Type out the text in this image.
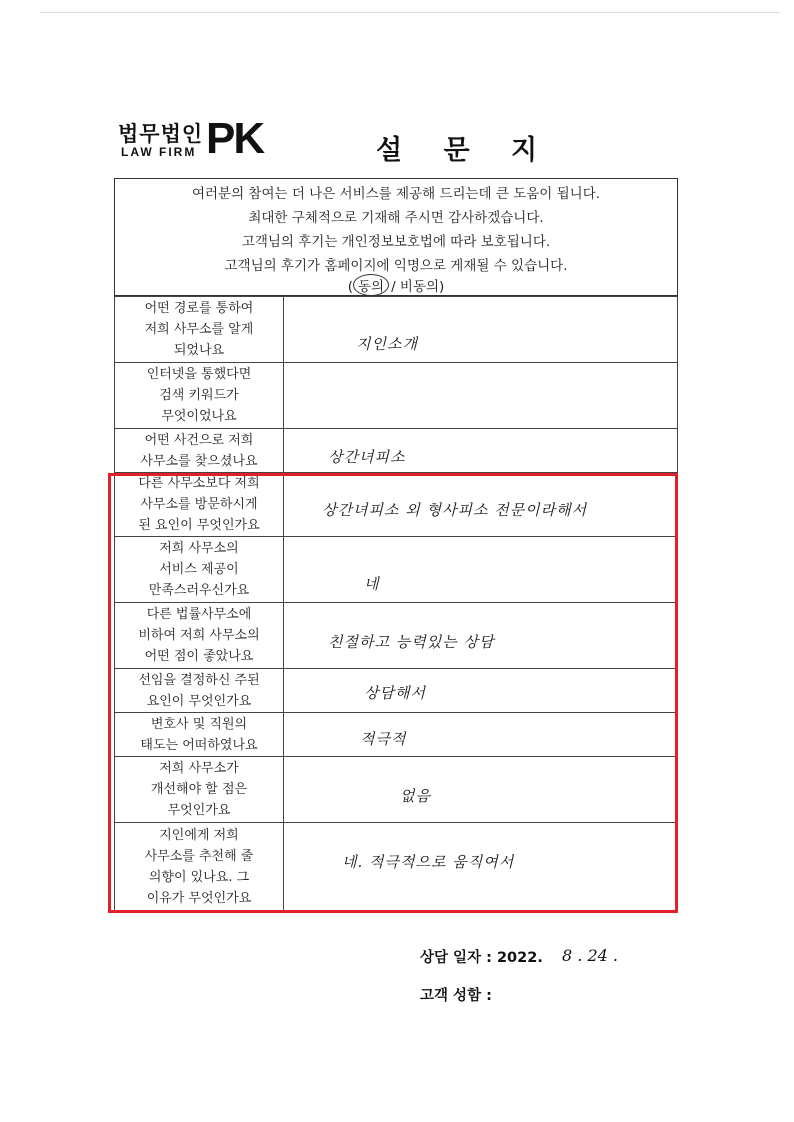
법무법인
LAW FIRM PK	설 문 지
여러분의 참여는 더 나은 서비스를 제공해 드리는데 큰 도움이 됩니다.
최대한 구체적으로 기재해 주시면 감사하겠습니다.
고객님의 후기는 개인정보보호법에 따라 보호됩니다.
고객님의 후기가 홈페이지에 익명으로 게재될 수 있습니다.
( 동의 / 비동의)
어떤 경로를 통하여
저희 사무소를 알게
되었나요	지인소개

인터넷을 통했다면
검색 키워드가
무엇이었나요	

어떤 사건으로 저희
사무소를 찾으셨나요	상간녀피소

다른 사무소보다 저희
사무소를 방문하시게
된 요인이 무엇인가요	상간녀피소 외 형사피소 전문이라해서

저희 사무소의
서비스 제공이
만족스러우신가요	네

다른 법률사무소에
비하여 저희 사무소의
어떤 점이 좋았나요	친절하고 능력있는 상담

선임을 결정하신 주된
요인이 무엇인가요	상담해서

변호사 및 직원의
태도는 어떠하였나요	적극적

저희 사무소가
개선해야 할 점은
무엇인가요	없음

지인에게 저희
사무소를 추천해 줄
의향이 있나요. 그
이유가 무엇인가요	네. 적극적으로 움직여서
상담 일자 : 2022. 8 . 24 .
고객 성함 :
